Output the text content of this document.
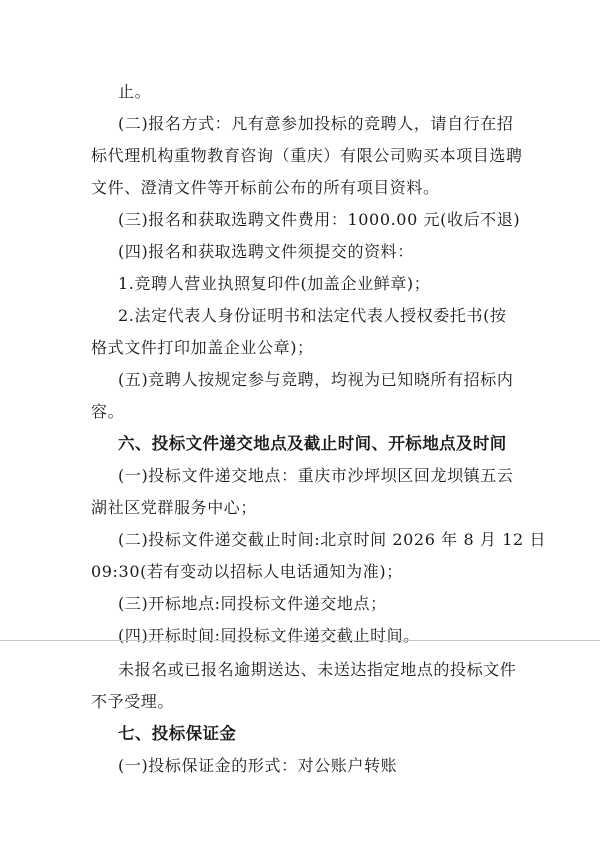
止。
(二)报名方式：凡有意参加投标的竞聘人，请自行在招
标代理机构重物教育咨询（重庆）有限公司购买本项目选聘
文件、澄清文件等开标前公布的所有项目资料。
(三)报名和获取选聘文件费用：1000.00 元(收后不退)
(四)报名和获取选聘文件须提交的资料：
1.竞聘人营业执照复印件(加盖企业鲜章)；
2.法定代表人身份证明书和法定代表人授权委托书(按
格式文件打印加盖企业公章)；
(五)竞聘人按规定参与竞聘，均视为已知晓所有招标内
容。
六、投标文件递交地点及截止时间、开标地点及时间
(一)投标文件递交地点：重庆市沙坪坝区回龙坝镇五云
湖社区党群服务中心；
(二)投标文件递交截止时间:北京时间 2026 年 8 月 12 日
09:30(若有变动以招标人电话通知为准)；
(三)开标地点:同投标文件递交地点；
(四)开标时间:同投标文件递交截止时间。
未报名或已报名逾期送达、未送达指定地点的投标文件
不予受理。
七、投标保证金
(一)投标保证金的形式：对公账户转账
